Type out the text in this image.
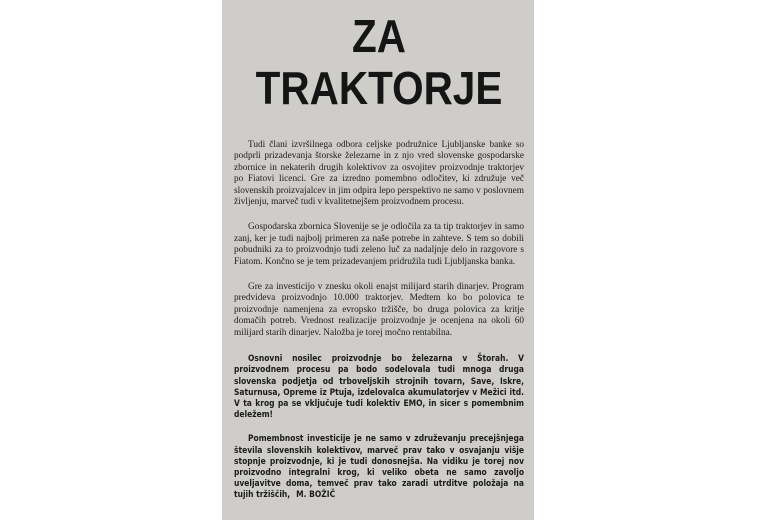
ZA TRAKTORJE

Tudi člani izvršilnega odbora celjske podružnice Ljubljanske banke so podprli prizadevanja štorske železarne in z njo vred slovenske gospodarske zbornice in nekaterih drugih kolektivov za osvojitev proizvodnje traktorjev po Fiatovi licenci. Gre za izredno pomembno odločitev, ki združuje več slovenskih proizvajalcev in jim odpira lepo perspektivo ne samo v poslovnem življenju, marveč tudi v kvalitetnejšem proizvodnem procesu.

Gospodarska zbornica Slovenije se je odločila za ta tip traktorjev in samo zanj, ker je tudi najbolj primeren za naše potrebe in zahteve. S tem so dobili pobudniki za to proizvodnjo tudi zeleno luč za nadaljnje delo in razgovore s Fiatom. Končno se je tem prizadevanjem pridružila tudi Ljubljanska banka.

Gre za investicijo v znesku okoli enajst milijard starih dinarjev. Program predvideva proizvodnjo 10.000 traktorjev. Medtem ko bo polovica te proizvodnje namenjena za evropsko tržišče, bo druga polovica za kritje domačih potreb. Vrednost realizacije proizvodnje je ocenjena na okoli 60 milijard starih dinarjev. Naložba je torej močno rentabilna.

Osnovni nosilec proizvodnje bo železarna v Štorah. V proizvodnem procesu pa bodo sodelovala tudi mnoga druga slovenska podjetja od trboveljskih strojnih tovarn, Save, Iskre, Saturnusa, Opreme iz Ptuja, izdelovalca akumulatorjev v Mežici itd. V ta krog pa se vključuje tudi kolektiv EMO, in sicer s pomembnim deležem!

Pomembnost investicije je ne samo v združevanju precejšnjega števila slovenskih kolektivov, marveč prav tako v osvajanju višje stopnje proizvodnje, ki je tudi donosnejša. Na vidiku je torej nov proizvodno integralni krog, ki veliko obeta ne samo zavoljo uveljavitve doma, temveč prav tako zaradi utrditve položaja na tujih tržiščih, M. BOŽIČ
